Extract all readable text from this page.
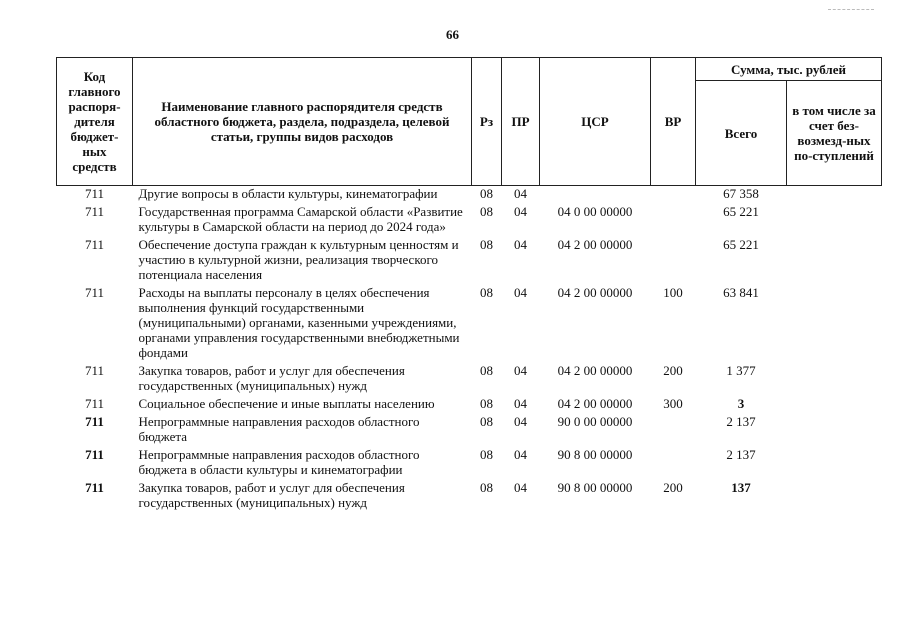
66
Код главного распоря-дителя бюджет-ных средств	Наименование главного распорядителя средств областного бюджета, раздела, подраздела, целевой статьи, группы видов расходов	Рз	ПР	ЦСР	ВР	Сумма, тыс. рублей	
						Всего	в том числе за счет без-возмезд-ных по-ступлений
711	Другие вопросы в области культуры, кинематографии	08	04			67 358	
711	Государственная программа Самарской области «Развитие культуры в Самарской области на период до 2024 года»	08	04	04 0 00 00000		65 221	
711	Обеспечение доступа граждан к культурным ценностям и участию в культурной жизни, реализация творческого потенциала населения	08	04	04 2 00 00000		65 221	
711	Расходы на выплаты персоналу в целях обеспечения выполнения функций государственными (муниципальными) органами, казенными учреждениями, органами управления государственными внебюджетными фондами	08	04	04 2 00 00000	100	63 841	
711	Закупка товаров, работ и услуг для обеспечения государственных (муниципальных) нужд	08	04	04 2 00 00000	200	1 377	
711	Социальное обеспечение и иные выплаты населению	08	04	04 2 00 00000	300	3	
711	Непрограммные направления расходов областного бюджета	08	04	90 0 00 00000		2 137	
711	Непрограммные направления расходов областного бюджета в области культуры и кинематографии	08	04	90 8 00 00000		2 137	
711	Закупка товаров, работ и услуг для обеспечения государственных (муниципальных) нужд	08	04	90 8 00 00000	200	137	
